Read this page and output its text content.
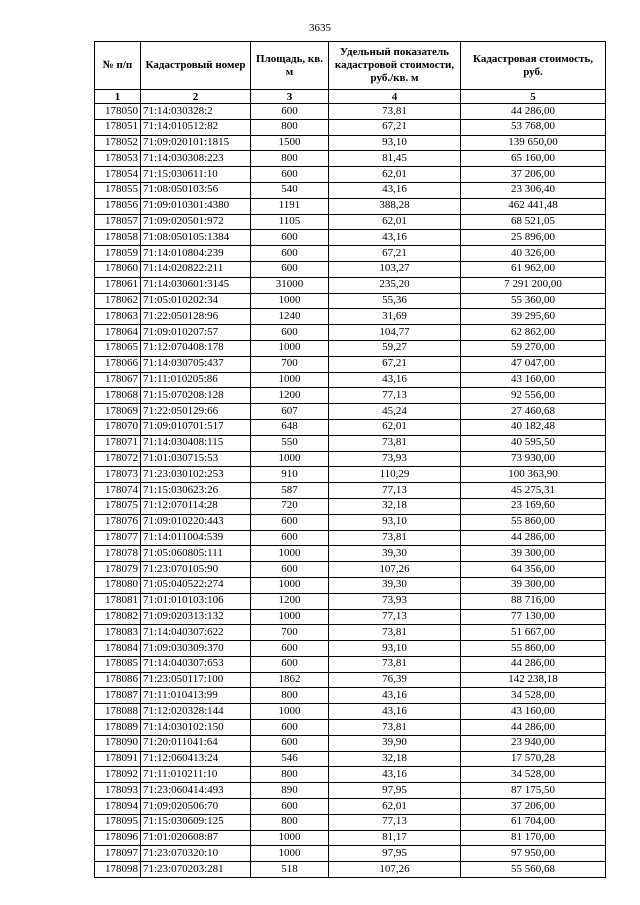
3635
№ п/п	Кадастровый номер	Площадь, кв. м	Удельный показатель кадастровой стоимости, руб./кв. м	Кадастровая стоимость, руб.
1	2	3	4	5
178050	71:14:030328:2	600	73,81	44 286,00
178051	71:14:010512:82	800	67,21	53 768,00
178052	71:09:020101:1815	1500	93,10	139 650,00
178053	71:14:030308:223	800	81,45	65 160,00
178054	71:15:030611:10	600	62,01	37 206,00
178055	71:08:050103:56	540	43,16	23 306,40
178056	71:09:010301:4380	1191	388,28	462 441,48
178057	71:09:020501:972	1105	62,01	68 521,05
178058	71:08:050105:1384	600	43,16	25 896,00
178059	71:14:010804:239	600	67,21	40 326,00
178060	71:14:020822:211	600	103,27	61 962,00
178061	71:14:030601:3145	31000	235,20	7 291 200,00
178062	71:05:010202:34	1000	55,36	55 360,00
178063	71:22:050128:96	1240	31,69	39 295,60
178064	71:09:010207:57	600	104,77	62 862,00
178065	71:12:070408:178	1000	59,27	59 270,00
178066	71:14:030705:437	700	67,21	47 047,00
178067	71:11:010205:86	1000	43,16	43 160,00
178068	71:15:070208:128	1200	77,13	92 556,00
178069	71:22:050129:66	607	45,24	27 460,68
178070	71:09:010701:517	648	62,01	40 182,48
178071	71:14:030408:115	550	73,81	40 595,50
178072	71:01:030715:53	1000	73,93	73 930,00
178073	71:23:030102:253	910	110,29	100 363,90
178074	71:15:030623:26	587	77,13	45 275,31
178075	71:12:070114:28	720	32,18	23 169,60
178076	71:09:010220:443	600	93,10	55 860,00
178077	71:14:011004:539	600	73,81	44 286,00
178078	71:05:060805:111	1000	39,30	39 300,00
178079	71:23:070105:90	600	107,26	64 356,00
178080	71:05:040522:274	1000	39,30	39 300,00
178081	71:01:010103:106	1200	73,93	88 716,00
178082	71:09:020313:132	1000	77,13	77 130,00
178083	71:14:040307:622	700	73,81	51 667,00
178084	71:09:030309:370	600	93,10	55 860,00
178085	71:14:040307:653	600	73,81	44 286,00
178086	71:23:050117:100	1862	76,39	142 238,18
178087	71:11:010413:99	800	43,16	34 528,00
178088	71:12:020328:144	1000	43,16	43 160,00
178089	71:14:030102:150	600	73,81	44 286,00
178090	71:20:011041:64	600	39,90	23 940,00
178091	71:12:060413:24	546	32,18	17 570,28
178092	71:11:010211:10	800	43,16	34 528,00
178093	71:23:060414:493	890	97,95	87 175,50
178094	71:09:020506:70	600	62,01	37 206,00
178095	71:15:030609:125	800	77,13	61 704,00
178096	71:01:020608:87	1000	81,17	81 170,00
178097	71:23:070320:10	1000	97,95	97 950,00
178098	71:23:070203:281	518	107,26	55 560,68
